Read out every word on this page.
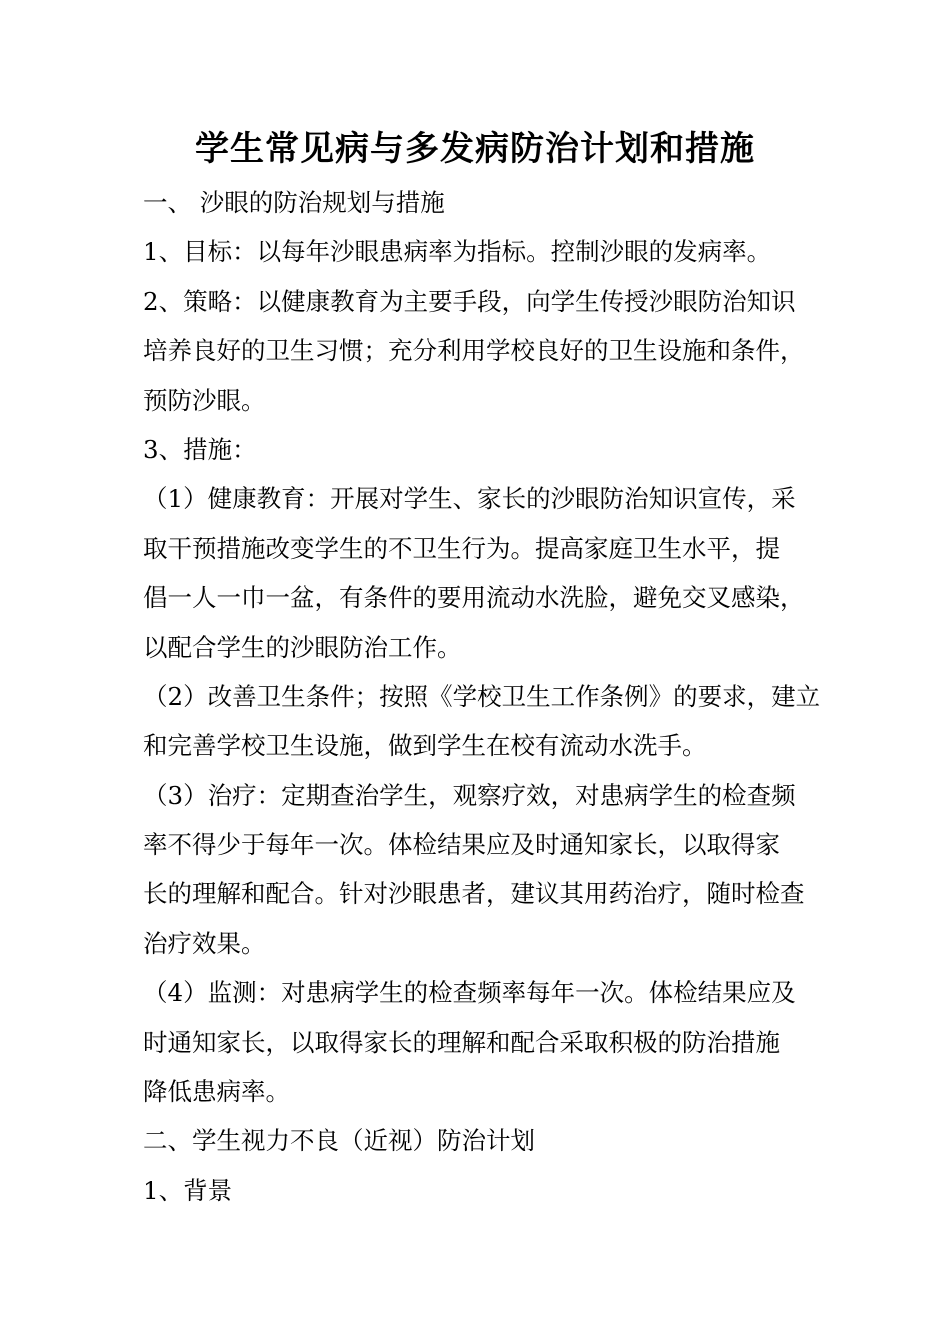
学生常见病与多发病防治计划和措施
一、 沙眼的防治规划与措施
1、目标：以每年沙眼患病率为指标。控制沙眼的发病率。
2、策略：以健康教育为主要手段，向学生传授沙眼防治知识
培养良好的卫生习惯；充分利用学校良好的卫生设施和条件，
预防沙眼。
3、措施：
（1）健康教育：开展对学生、家长的沙眼防治知识宣传，采
取干预措施改变学生的不卫生行为。提高家庭卫生水平，提
倡一人一巾一盆，有条件的要用流动水洗脸，避免交叉感染，
以配合学生的沙眼防治工作。
（2）改善卫生条件；按照《学校卫生工作条例》的要求，建立
和完善学校卫生设施，做到学生在校有流动水洗手。
（3）治疗：定期查治学生，观察疗效，对患病学生的检查频
率不得少于每年一次。体检结果应及时通知家长，以取得家
长的理解和配合。针对沙眼患者，建议其用药治疗，随时检查
治疗效果。
（4）监测：对患病学生的检查频率每年一次。体检结果应及
时通知家长，以取得家长的理解和配合采取积极的防治措施
降低患病率。
二、学生视力不良（近视）防治计划
1、背景
